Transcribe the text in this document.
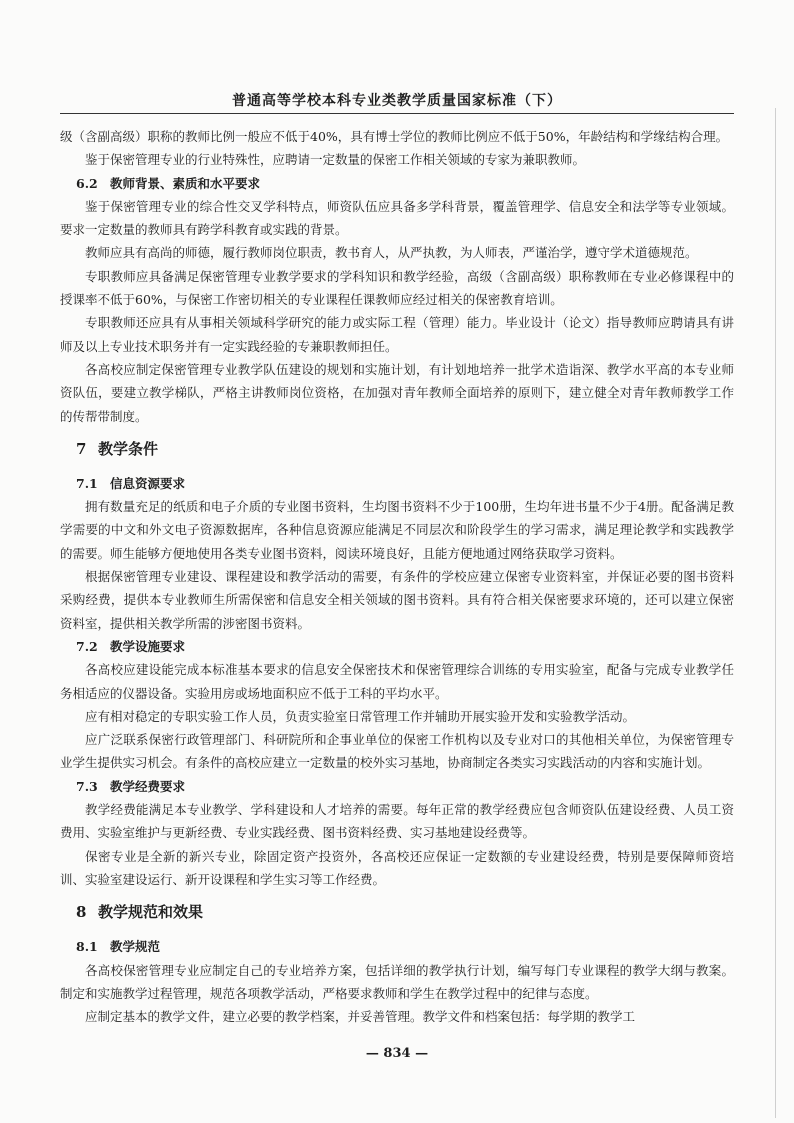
普通高等学校本科专业类教学质量国家标准（下）

级（含副高级）职称的教师比例一般应不低于40%，具有博士学位的教师比例应不低于50%，年龄结构和学缘结构合理。

鉴于保密管理专业的行业特殊性，应聘请一定数量的保密工作相关领域的专家为兼职教师。

6.2 教师背景、素质和水平要求

鉴于保密管理专业的综合性交叉学科特点，师资队伍应具备多学科背景，覆盖管理学、信息安全和法学等专业领域。要求一定数量的教师具有跨学科教育或实践的背景。

教师应具有高尚的师德，履行教师岗位职责，教书育人，从严执教，为人师表，严谨治学，遵守学术道德规范。

专职教师应具备满足保密管理专业教学要求的学科知识和教学经验，高级（含副高级）职称教师在专业必修课程中的授课率不低于60%，与保密工作密切相关的专业课程任课教师应经过相关的保密教育培训。

专职教师还应具有从事相关领域科学研究的能力或实际工程（管理）能力。毕业设计（论文）指导教师应聘请具有讲师及以上专业技术职务并有一定实践经验的专兼职教师担任。

各高校应制定保密管理专业教学队伍建设的规划和实施计划，有计划地培养一批学术造诣深、教学水平高的本专业师资队伍，要建立教学梯队，严格主讲教师岗位资格，在加强对青年教师全面培养的原则下，建立健全对青年教师教学工作的传帮带制度。

7 教学条件
7.1 信息资源要求

拥有数量充足的纸质和电子介质的专业图书资料，生均图书资料不少于100册，生均年进书量不少于4册。配备满足教学需要的中文和外文电子资源数据库，各种信息资源应能满足不同层次和阶段学生的学习需求，满足理论教学和实践教学的需要。师生能够方便地使用各类专业图书资料，阅读环境良好，且能方便地通过网络获取学习资料。

根据保密管理专业建设、课程建设和教学活动的需要，有条件的学校应建立保密专业资料室，并保证必要的图书资料采购经费，提供本专业教师生所需保密和信息安全相关领域的图书资料。具有符合相关保密要求环境的，还可以建立保密资料室，提供相关教学所需的涉密图书资料。

7.2 教学设施要求

各高校应建设能完成本标准基本要求的信息安全保密技术和保密管理综合训练的专用实验室，配备与完成专业教学任务相适应的仪器设备。实验用房或场地面积应不低于工科的平均水平。

应有相对稳定的专职实验工作人员，负责实验室日常管理工作并辅助开展实验开发和实验教学活动。

应广泛联系保密行政管理部门、科研院所和企事业单位的保密工作机构以及专业对口的其他相关单位，为保密管理专业学生提供实习机会。有条件的高校应建立一定数量的校外实习基地，协商制定各类实习实践活动的内容和实施计划。

7.3 教学经费要求

教学经费能满足本专业教学、学科建设和人才培养的需要。每年正常的教学经费应包含师资队伍建设经费、人员工资费用、实验室维护与更新经费、专业实践经费、图书资料经费、实习基地建设经费等。

保密专业是全新的新兴专业，除固定资产投资外，各高校还应保证一定数额的专业建设经费，特别是要保障师资培训、实验室建设运行、新开设课程和学生实习等工作经费。

8 教学规范和效果
8.1 教学规范

各高校保密管理专业应制定自己的专业培养方案，包括详细的教学执行计划，编写每门专业课程的教学大纲与教案。制定和实施教学过程管理，规范各项教学活动，严格要求教师和学生在教学过程中的纪律与态度。

应制定基本的教学文件，建立必要的教学档案，并妥善管理。教学文件和档案包括：每学期的教学工

— 834 —
